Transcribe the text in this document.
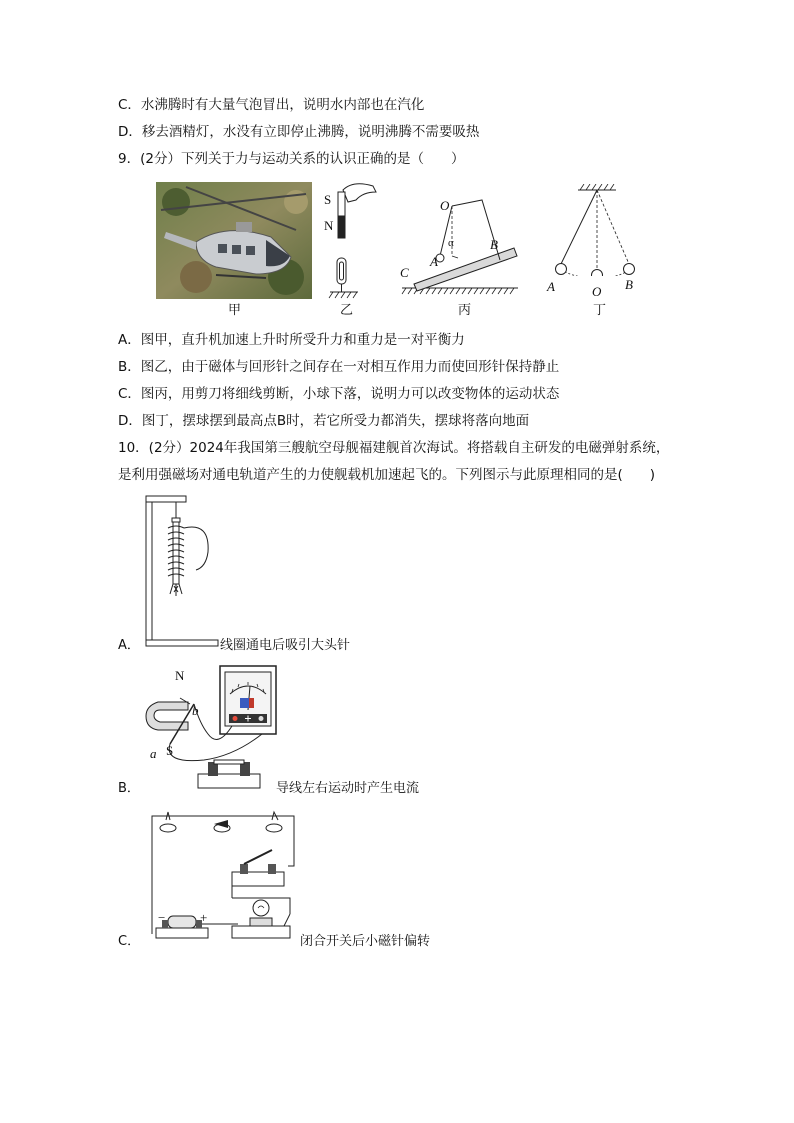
C．水沸腾时有大量气泡冒出，说明水内部也在汽化
D．移去酒精灯，水没有立即停止沸腾，说明沸腾不需要吸热
9．(2分）下列关于力与运动关系的认识正确的是（　　）
S
N
O
α
A
B
C
A	O B
甲	乙	丙	丁
A．图甲，直升机加速上升时所受升力和重力是一对平衡力
B．图乙，由于磁体与回形针之间存在一对相互作用力而使回形针保持静止
C．图丙，用剪刀将细线剪断，小球下落，说明力可以改变物体的运动状态
D．图丁，摆球摆到最高点B时，若它所受力都消失，摆球将落向地面
10．(2分）2024年我国第三艘航空母舰福建舰首次海试。将搭载自主研发的电磁弹射系统，
是利用强磁场对通电轨道产生的力使舰载机加速起飞的。下列图示与此原理相同的是(　　)
A．	线圈通电后吸引大头针
N
b
a S
B．	导线左右运动时产生电流
−	+
C．	闭合开关后小磁针偏转
